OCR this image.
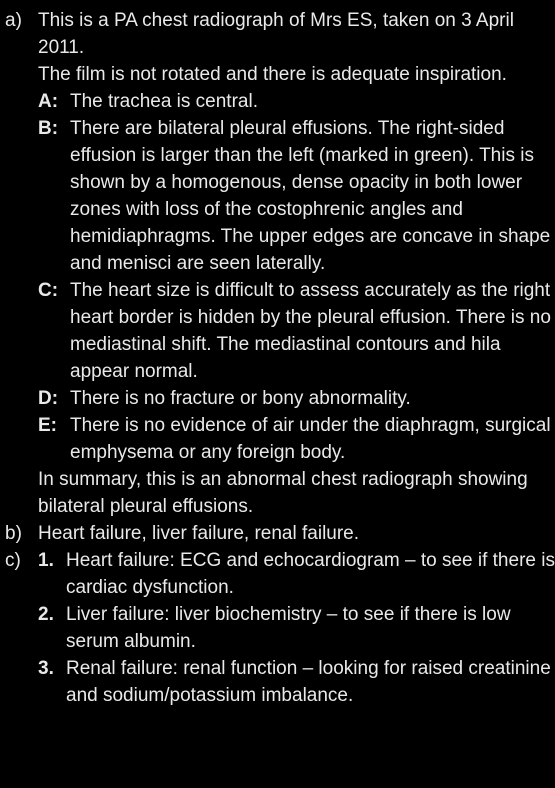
a) This is a PA chest radiograph of Mrs ES, taken on 3 April 2011.

The film is not rotated and there is adequate inspiration.

A: The trachea is central.
B: There are bilateral pleural effusions. The right-sided effusion is larger than the left (marked in green). This is shown by a homogenous, dense opacity in both lower zones with loss of the costophrenic angles and hemidiaphragms. The upper edges are concave in shape and menisci are seen laterally.
C: The heart size is difficult to assess accurately as the right heart border is hidden by the pleural effusion. There is no mediastinal shift. The mediastinal contours and hila appear normal.
D: There is no fracture or bony abnormality.
E: There is no evidence of air under the diaphragm, surgical emphysema or any foreign body.

In summary, this is an abnormal chest radiograph showing bilateral pleural effusions.

b) Heart failure, liver failure, renal failure.

c) 1. Heart failure: ECG and echocardiogram – to see if there is cardiac dysfunction.
2. Liver failure: liver biochemistry – to see if there is low serum albumin.
3. Renal failure: renal function – looking for raised creatinine and sodium/potassium imbalance.
